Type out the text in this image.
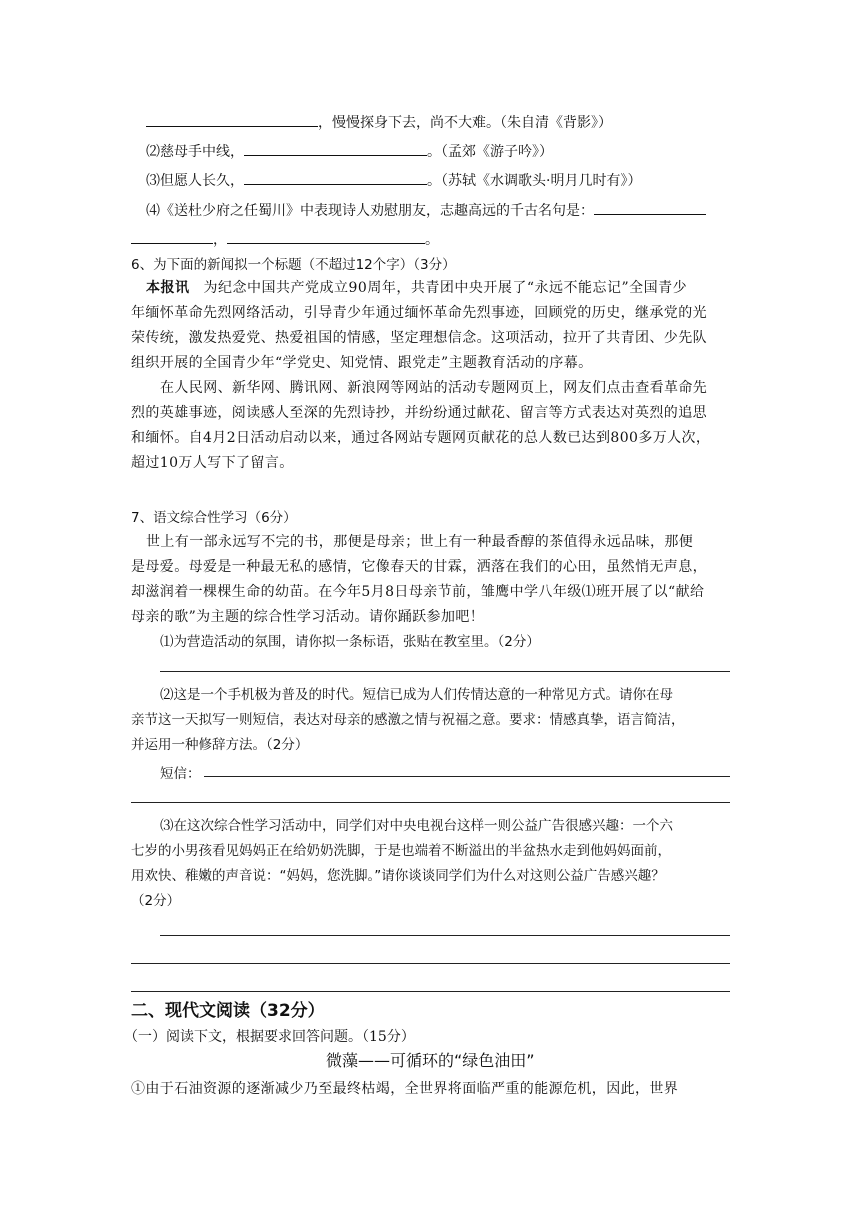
，慢慢探身下去，尚不大难。（朱自清《背影》）
⑵慈母手中线，	。（孟郊《游子吟》）
⑶但愿人长久，	。（苏轼《水调歌头·明月几时有》）
⑷《送杜少府之任蜀川》中表现诗人劝慰朋友，志趣高远的千古名句是：
，	。
6、为下面的新闻拟一个标题（不超过12个字）（3分）
本报讯 为纪念中国共产党成立90周年，共青团中央开展了“永远不能忘记”全国青少
年缅怀革命先烈网络活动，引导青少年通过缅怀革命先烈事迹，回顾党的历史，继承党的光
荣传统，激发热爱党、热爱祖国的情感，坚定理想信念。这项活动，拉开了共青团、少先队
组织开展的全国青少年“学党史、知党情、跟党走”主题教育活动的序幕。
在人民网、新华网、腾讯网、新浪网等网站的活动专题网页上，网友们点击查看革命先
烈的英雄事迹，阅读感人至深的先烈诗抄，并纷纷通过献花、留言等方式表达对英烈的追思
和缅怀。自4月2日活动启动以来，通过各网站专题网页献花的总人数已达到800多万人次，
超过10万人写下了留言。
7、语文综合性学习（6分）
世上有一部永远写不完的书，那便是母亲；世上有一种最香醇的茶值得永远品味，那便
是母爱。母爱是一种最无私的感情，它像春天的甘霖，洒落在我们的心田，虽然悄无声息，
却滋润着一棵棵生命的幼苗。在今年5月8日母亲节前，雏鹰中学八年级⑴班开展了以“献给
母亲的歌”为主题的综合性学习活动。请你踊跃参加吧！
⑴为营造活动的氛围，请你拟一条标语，张贴在教室里。（2分）
⑵这是一个手机极为普及的时代。短信已成为人们传情达意的一种常见方式。请你在母
亲节这一天拟写一则短信，表达对母亲的感激之情与祝福之意。要求：情感真挚，语言简洁，
并运用一种修辞方法。（2分）
短信：
⑶在这次综合性学习活动中，同学们对中央电视台这样一则公益广告很感兴趣：一个六
七岁的小男孩看见妈妈正在给奶奶洗脚，于是也端着不断溢出的半盆热水走到他妈妈面前，
用欢快、稚嫩的声音说：“妈妈，您洗脚。”请你谈谈同学们为什么对这则公益广告感兴趣？
（2分）
二、现代文阅读（32分）
（一）阅读下文，根据要求回答问题。（15分）
微藻——可循环的“绿色油田”
①由于石油资源的逐渐减少乃至最终枯竭，全世界将面临严重的能源危机，因此，世界
